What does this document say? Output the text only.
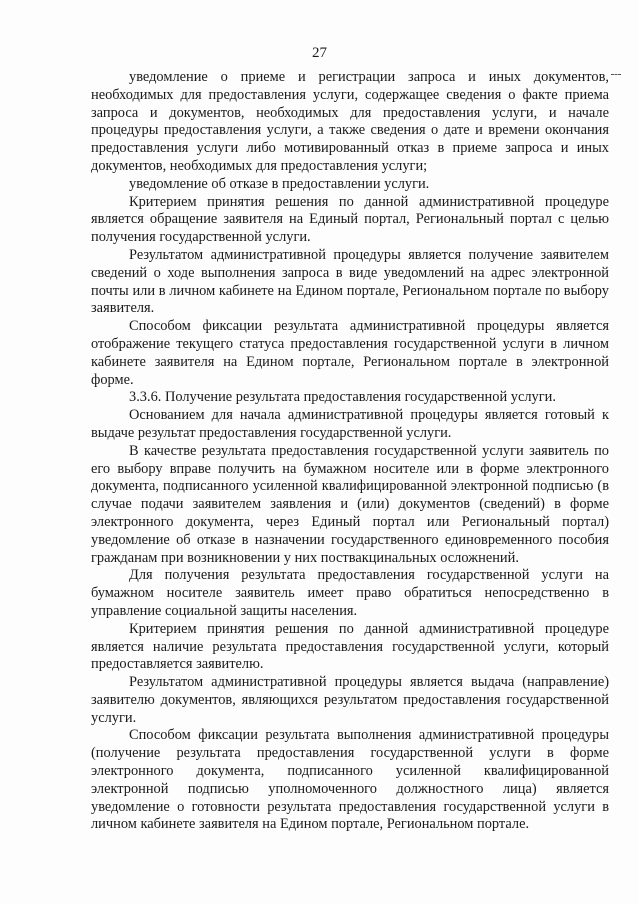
27

уведомление о приеме и регистрации запроса и иных документов, необходимых для предоставления услуги, содержащее сведения о факте приема запроса и документов, необходимых для предоставления услуги, и начале процедуры предоставления услуги, а также сведения о дате и времени окончания предоставления услуги либо мотивированный отказ в приеме запроса и иных документов, необходимых для предоставления услуги;

уведомление об отказе в предоставлении услуги.

Критерием принятия решения по данной административной процедуре является обращение заявителя на Единый портал, Региональный портал с целью получения государственной услуги.

Результатом административной процедуры является получение заявителем сведений о ходе выполнения запроса в виде уведомлений на адрес электронной почты или в личном кабинете на Едином портале, Региональном портале по выбору заявителя.

Способом фиксации результата административной процедуры является отображение текущего статуса предоставления государственной услуги в личном кабинете заявителя на Едином портале, Региональном портале в электронной форме.

3.3.6. Получение результата предоставления государственной услуги.

Основанием для начала административной процедуры является готовый к выдаче результат предоставления государственной услуги.

В качестве результата предоставления государственной услуги заявитель по его выбору вправе получить на бумажном носителе или в форме электронного документа, подписанного усиленной квалифицированной электронной подписью (в случае подачи заявителем заявления и (или) документов (сведений) в форме электронного документа, через Единый портал или Региональный портал) уведомление об отказе в назначении государственного единовременного пособия гражданам при возникновении у них поствакцинальных осложнений.

Для получения результата предоставления государственной услуги на бумажном носителе заявитель имеет право обратиться непосредственно в управление социальной защиты населения.

Критерием принятия решения по данной административной процедуре является наличие результата предоставления государственной услуги, который предоставляется заявителю.

Результатом административной процедуры является выдача (направление) заявителю документов, являющихся результатом предоставления государственной услуги.

Способом фиксации результата выполнения административной процедуры (получение результата предоставления государственной услуги в форме электронного документа, подписанного усиленной квалифицированной электронной подписью уполномоченного должностного лица) является уведомление о готовности результата предоставления государственной услуги в личном кабинете заявителя на Едином портале, Региональном портале.
